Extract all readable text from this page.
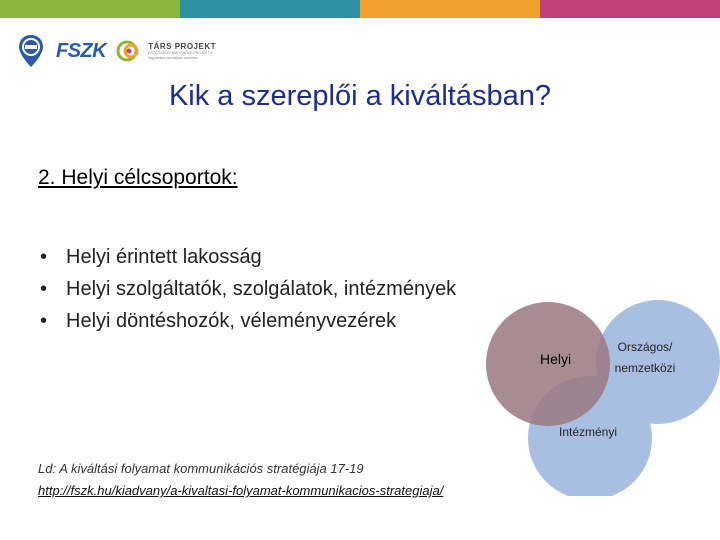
FSZK	TÁRS PROJEKT
KÖZÖSSÉGI TÁMOGATÁSI PROJEKT a fogyatékos személyek számára
Kik a szereplői a kiváltásban?
2. Helyi célcsoportok:
• Helyi érintett lakosság
• Helyi szolgáltatók, szolgálatok, intézmények
• Helyi döntéshozók, véleményvezérek
Helyi
Országos/
nemzetközi
Intézményi
Ld: A kiváltási folyamat kommunikációs stratégiája 17-19
http://fszk.hu/kiadvany/a-kivaltasi-folyamat-kommunikacios-strategiaja/
